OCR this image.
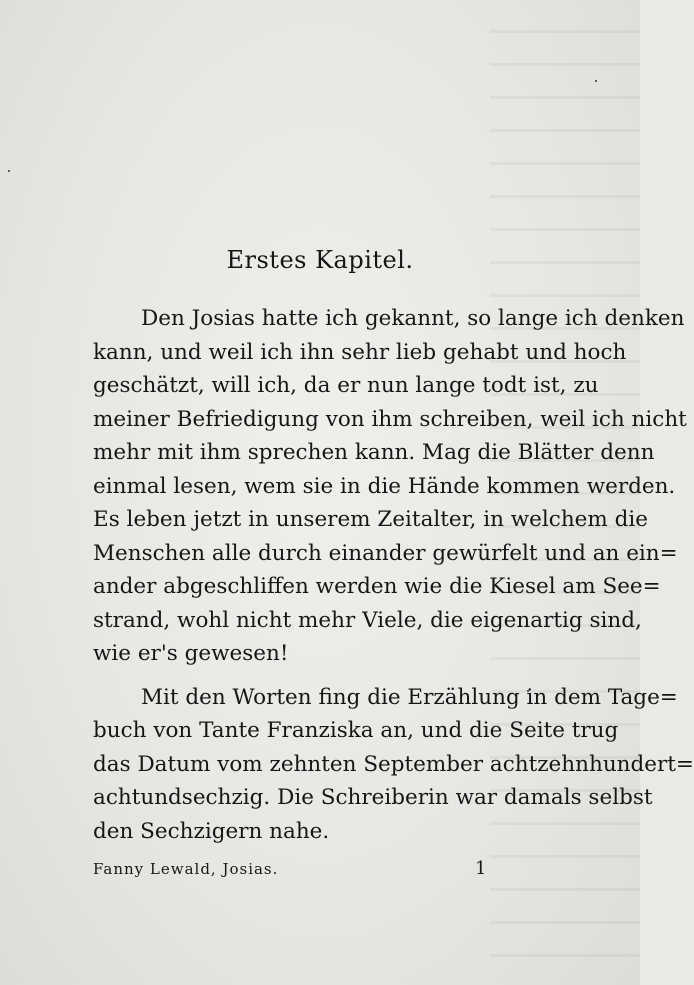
Erstes Kapitel.
Den Josias hatte ich gekannt, so lange ich denken
kann, und weil ich ihn sehr lieb gehabt und hoch
geschätzt, will ich, da er nun lange todt ist, zu
meiner Befriedigung von ihm schreiben, weil ich nicht
mehr mit ihm sprechen kann. Mag die Blätter denn
einmal lesen, wem sie in die Hände kommen werden.
Es leben jetzt in unserem Zeitalter, in welchem die
Menschen alle durch einander gewürfelt und an ein=
ander abgeschliffen werden wie die Kiesel am See=
strand, wohl nicht mehr Viele, die eigenartig sind,
wie er's gewesen!
Mit den Worten fing die Erzählung in dem Tage=
buch von Tante Franziska an, und die Seite trug
das Datum vom zehnten September achtzehnhundert=
achtundsechzig. Die Schreiberin war damals selbst
den Sechzigern nahe.
Fanny Lewald, Josias.	1
